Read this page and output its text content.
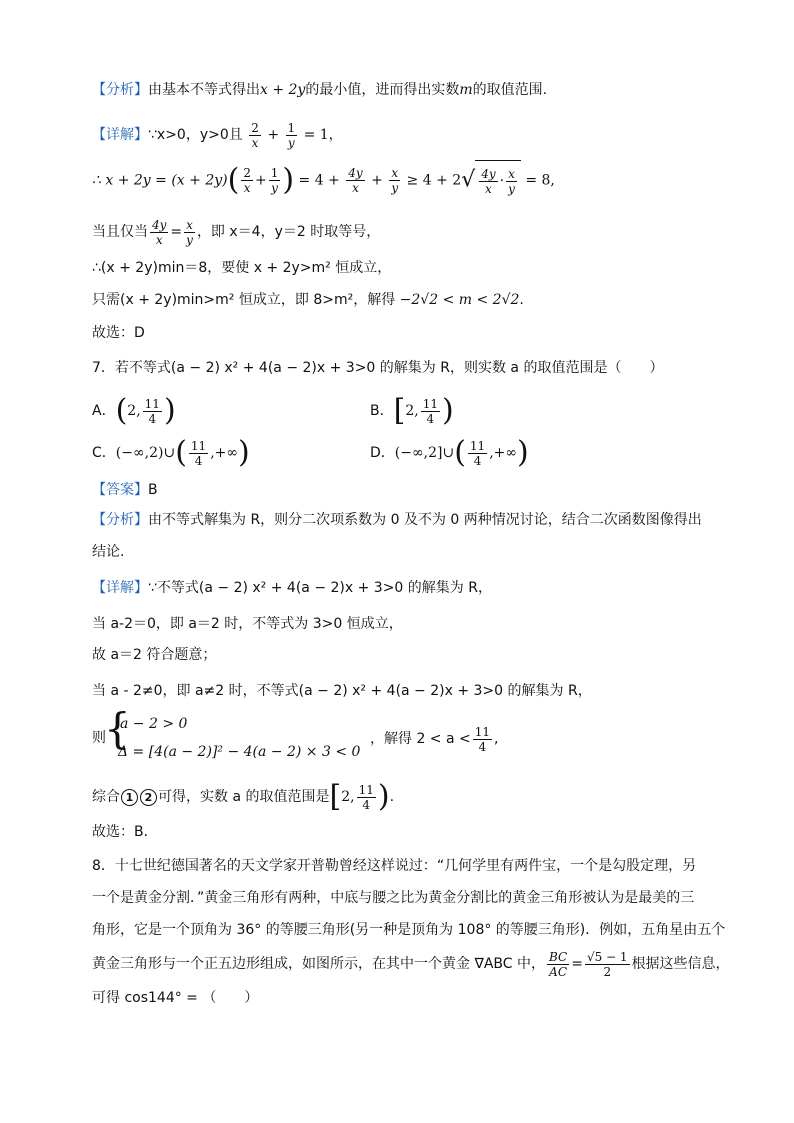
【分析】由基本不等式得出x + 2y的最小值，进而得出实数m的取值范围.
【详解】∵x>0，y>0且 $\frac{2}{x} + \frac{1}{y} = 1$，
∴ $x + 2y = (x + 2y)( \frac{2}{x} + \frac{1}{y}$ ) = $4 + \frac{4y}{x} + \frac{x}{y} \ge 4 + 2√ \frac{4y}{x} \cdot \frac{x}{y} = 8$,
当且仅当 $\frac{4y}{x} = \frac{x}{y}$ ，即 x＝4，y＝2 时取等号，
∴(x + 2y)min＝8，要使 x + 2y>m² 恒成立，
只需(x + 2y)min>m² 恒成立，即 8>m²，解得 −2√2 < m < 2√2.
故选：D
7．若不等式(a − 2) x² + 4(a − 2)x + 3>0 的解集为 R，则实数 a 的取值范围是（　　）
A．(2, $\frac{11}{4}$ )	B．[2, $\frac{11}{4}$ )
C．(−∞,2)∪( $\frac{11}{4}$ ,+∞)	D．(−∞,2]∪( $\frac{11}{4}$ ,+∞)
【答案】B
【分析】由不等式解集为 R，则分二次项系数为 0 及不为 0 两种情况讨论，结合二次函数图像得出
结论.
【详解】∵不等式(a − 2) x² + 4(a − 2)x + 3>0 的解集为 R，
当 a-2＝0，即 a＝2 时，不等式为 3>0 恒成立，
故 a＝2 符合题意；
当 a - 2≠0，即 a≠2 时，不等式(a − 2) x² + 4(a − 2)x + 3>0 的解集为 R，
则
{
a − 2 > 0
Δ = [4(a − 2)]² − 4(a − 2) × 3 < 0
，解得 $2 < a < \frac{11}{4}$ ,
综合 1 2 可得，实数 a 的取值范围是[2, $\frac{11}{4}$ ).
故选：B．
8．十七世纪德国著名的天文学家开普勒曾经这样说过：“几何学里有两件宝，一个是勾股定理，另
一个是黄金分割．”黄金三角形有两种，中底与腰之比为黄金分割比的黄金三角形被认为是最美的三
角形，它是一个顶角为 36° 的等腰三角形(另一种是顶角为 108° 的等腰三角形)．例如，五角星由五个
黄金三角形与一个正五边形组成，如图所示，在其中一个黄金 ∇ABC 中， $\frac{BC}{AC} = \frac{√5 - 1}{2}$ 根据这些信息，
可得 cos144° = （　　）
